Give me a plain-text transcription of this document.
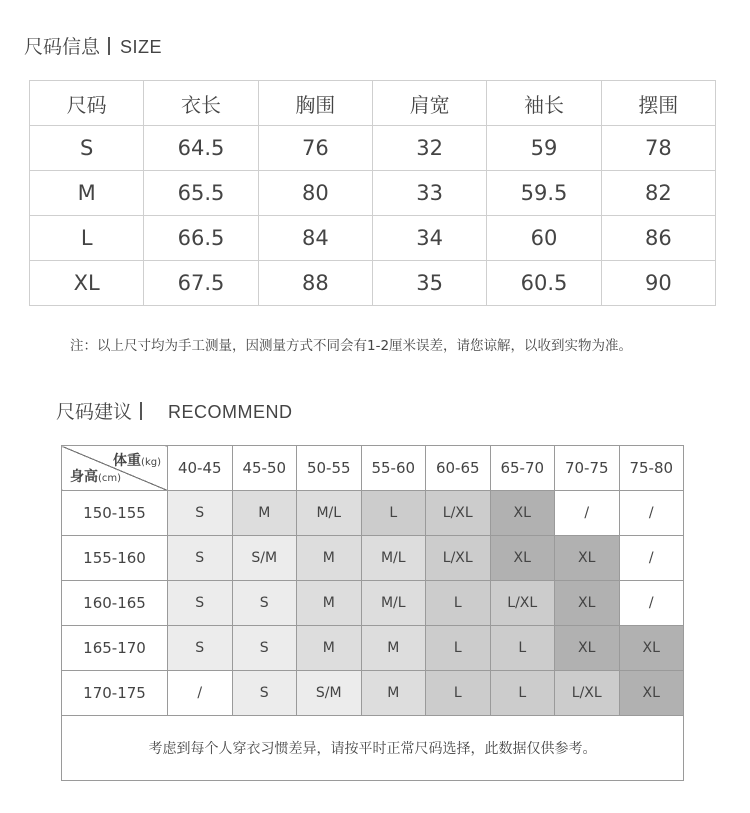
尺码信息 SIZE
尺码	衣长	胸围	肩宽	袖长	摆围
S	64.5	76	32	59	78
M	65.5	80	33	59.5	82
L	66.5	84	34	60	86
XL	67.5	88	35	60.5	90
注：以上尺寸均为手工测量，因测量方式不同会有1-2厘米误差，请您谅解，以收到实物为准。
尺码建议 RECOMMEND
体重(kg)
身高(cm)	40-45	45-50	50-55	55-60	60-65	65-70	70-75	75-80
150-155	S	M	M/L	L	L/XL	XL	/	/
155-160	S	S/M	M	M/L	L/XL	XL	XL	/
160-165	S	S	M	M/L	L	L/XL	XL	/
165-170	S	S	M	M	L	L	XL	XL
170-175	/	S	S/M	M	L	L	L/XL	XL
考虑到每个人穿衣习惯差异，请按平时正常尺码选择，此数据仅供参考。								
